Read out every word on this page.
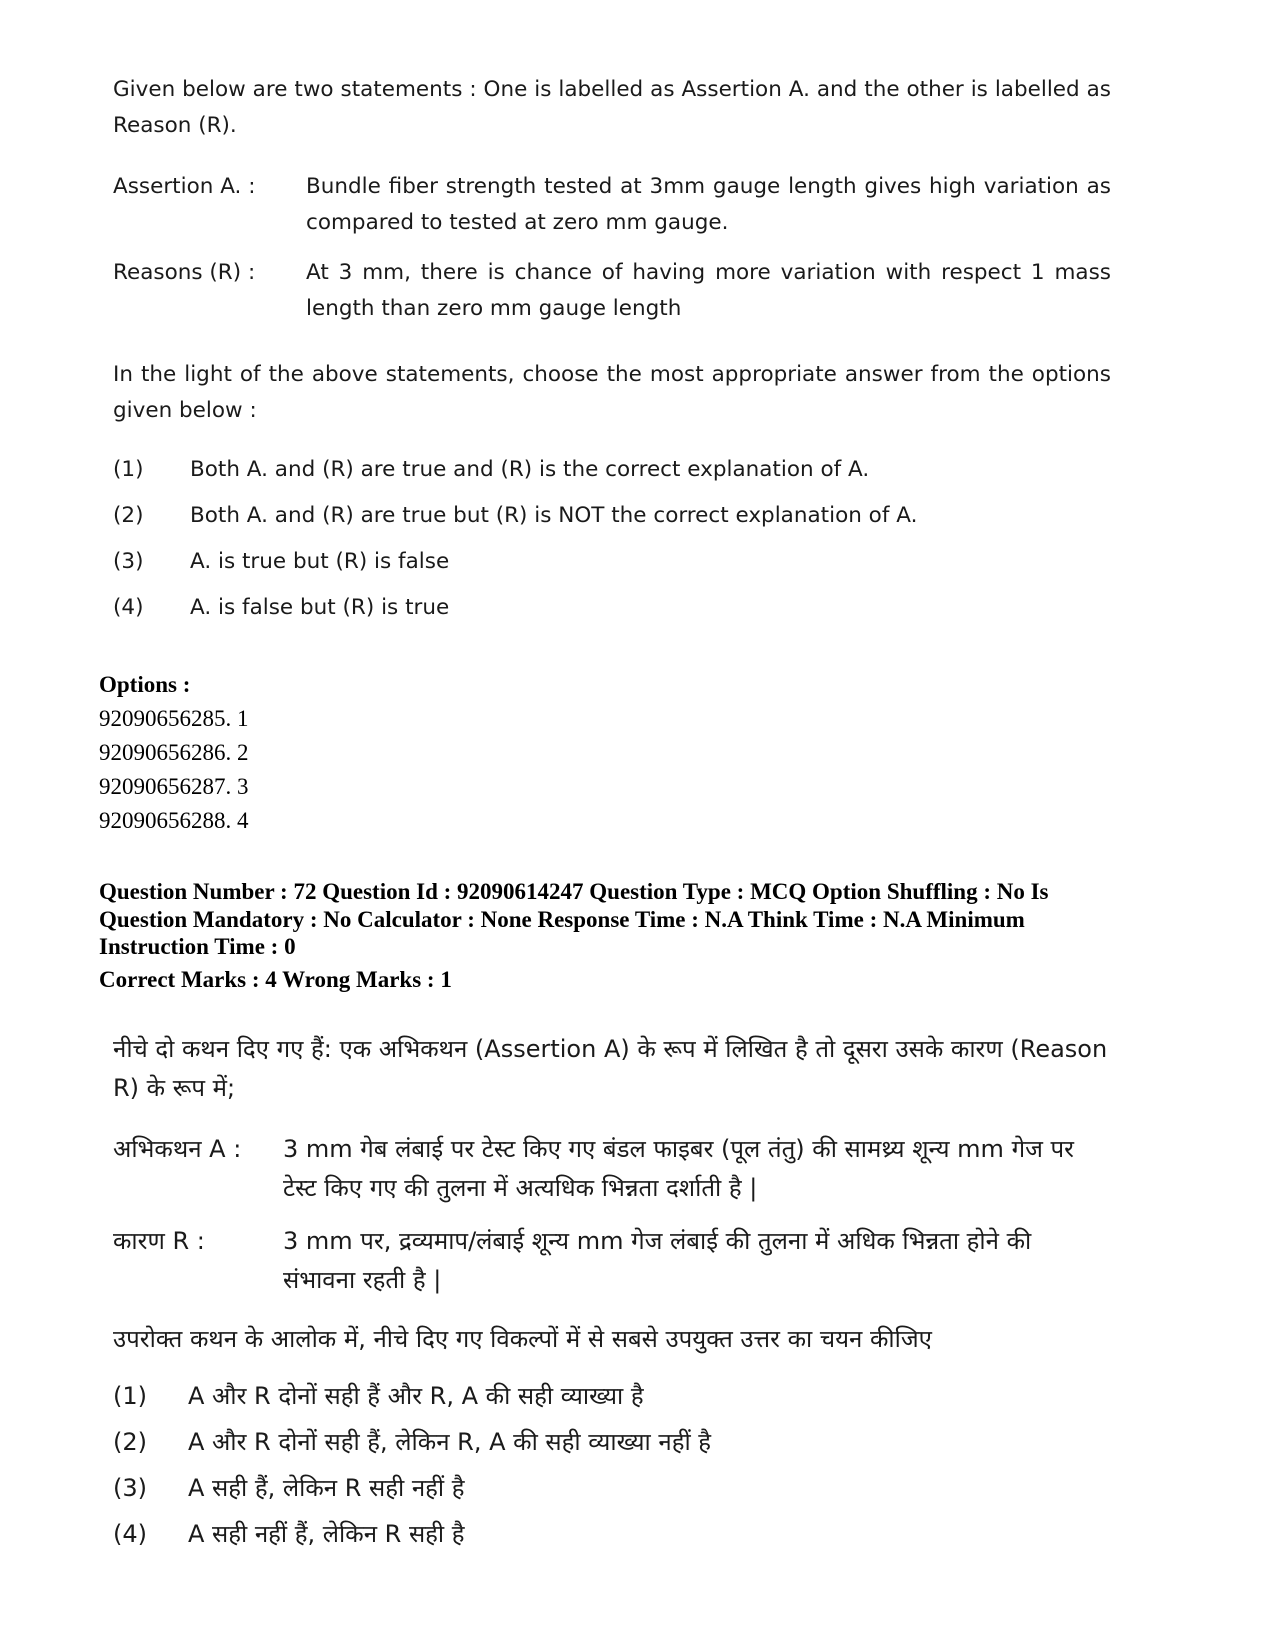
Given below are two statements : One is labelled as Assertion A. and the other is labelled as Reason (R).
Assertion A. :	Bundle fiber strength tested at 3mm gauge length gives high variation as compared to tested at zero mm gauge.
Reasons (R) :	At 3 mm, there is chance of having more variation with respect 1 mass length than zero mm gauge length
In the light of the above statements, choose the most appropriate answer from the options given below :
(1)	Both A. and (R) are true and (R) is the correct explanation of A.
(2)	Both A. and (R) are true but (R) is NOT the correct explanation of A.
(3)	A. is true but (R) is false
(4)	A. is false but (R) is true
Options :
92090656285. 1
92090656286. 2
92090656287. 3
92090656288. 4
Question Number : 72 Question Id : 92090614247 Question Type : MCQ Option Shuffling : No Is
Question Mandatory : No Calculator : None Response Time : N.A Think Time : N.A Minimum
Instruction Time : 0
Correct Marks : 4 Wrong Marks : 1
नीचे दो कथन दिए गए हैं: एक अभिकथन (Assertion A) के रूप में लिखित है तो दूसरा उसके कारण (Reason R) के रूप में;
अभिकथन A :	3 mm गेब लंबाई पर टेस्ट किए गए बंडल फाइबर (पूल तंतु) की सामथ्र्य शून्य mm गेज पर टेस्ट किए गए की तुलना में अत्यधिक भिन्नता दर्शाती है |
कारण R :	3 mm पर, द्रव्यमाप/लंबाई शून्य mm गेज लंबाई की तुलना में अधिक भिन्नता होने की संभावना रहती है |
उपरोक्त कथन के आलोक में, नीचे दिए गए विकल्पों में से सबसे उपयुक्त उत्तर का चयन कीजिए
(1)	A और R दोनों सही हैं और R, A की सही व्याख्या है
(2)	A और R दोनों सही हैं, लेकिन R, A की सही व्याख्या नहीं है
(3)	A सही हैं, लेकिन R सही नहीं है
(4)	A सही नहीं हैं, लेकिन R सही है
